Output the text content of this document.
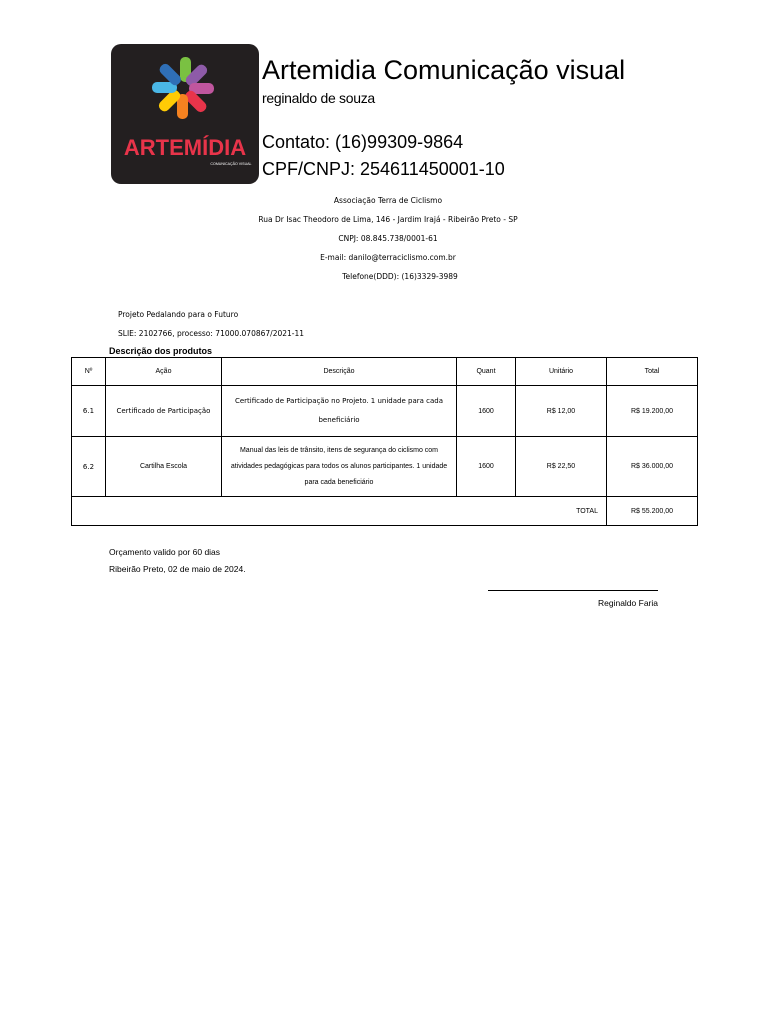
ARTEMÍDIA
COMUNICAÇÃO VISUAL
Artemidia Comunicação visual
reginaldo de souza
Contato: (16)99309-9864
CPF/CNPJ: 254611450001-10
Associação Terra de Ciclismo
Rua Dr Isac Theodoro de Lima, 146 - Jardim Irajá - Ribeirão Preto - SP
CNPJ: 08.845.738/0001-61
E-mail: danilo@terraciclismo.com.br
Telefone(DDD): (16)3329-3989
Projeto Pedalando para o Futuro
SLIE: 2102766, processo: 71000.070867/2021-11
Descrição dos produtos
Nº	Ação	Descrição	Quant	Unitário	Total
6.1	Certificado de Participação	Certificado de Participação no Projeto. 1 unidade para cada beneficiário	1600	R$ 12,00	R$ 19.200,00
6.2	Cartilha Escola	Manual das leis de trânsito, itens de segurança do ciclismo com atividades pedagógicas para todos os alunos participantes. 1 unidade para cada beneficiário	1600	R$ 22,50	R$ 36.000,00
TOTAL					R$ 55.200,00
Orçamento valido por 60 dias
Ribeirão Preto, 02 de maio de 2024.
Reginaldo Faria
